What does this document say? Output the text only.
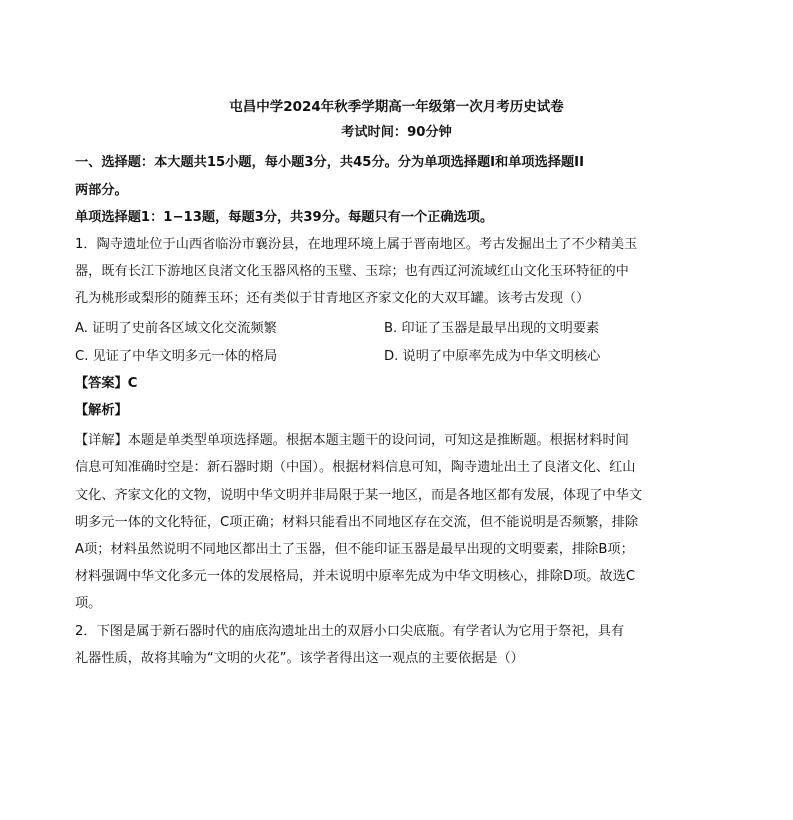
屯昌中学2024年秋季学期高一年级第一次月考历史试卷
考试时间：90分钟
一、选择题：本大题共15小题，每小题3分，共45分。分为单项选择题I和单项选择题II
两部分。
单项选择题1：1−13题，每题3分，共39分。每题只有一个正确选项。
1．陶寺遗址位于山西省临汾市襄汾县，在地理环境上属于晋南地区。考古发掘出土了不少精美玉
器，既有长江下游地区良渚文化玉器风格的玉璧、玉琮；也有西辽河流域红山文化玉环特征的中
孔为桃形或梨形的随葬玉环；还有类似于甘青地区齐家文化的大双耳罐。该考古发现（）
A. 证明了史前各区域文化交流频繁	B. 印证了玉器是最早出现的文明要素
C. 见证了中华文明多元一体的格局	D. 说明了中原率先成为中华文明核心
【答案】C
【解析】
【详解】本题是单类型单项选择题。根据本题主题干的设问词，可知这是推断题。根据材料时间
信息可知准确时空是：新石器时期（中国）。根据材料信息可知，陶寺遗址出土了良渚文化、红山
文化、齐家文化的文物，说明中华文明并非局限于某一地区，而是各地区都有发展，体现了中华文
明多元一体的文化特征，C项正确；材料只能看出不同地区存在交流，但不能说明是否频繁，排除
A项；材料虽然说明不同地区都出土了玉器，但不能印证玉器是最早出现的文明要素，排除B项；
材料强调中华文化多元一体的发展格局，并未说明中原率先成为中华文明核心，排除D项。故选C
项。
2．下图是属于新石器时代的庙底沟遗址出土的双唇小口尖底瓶。有学者认为它用于祭祀，具有
礼器性质，故将其喻为“文明的火花”。该学者得出这一观点的主要依据是（）
